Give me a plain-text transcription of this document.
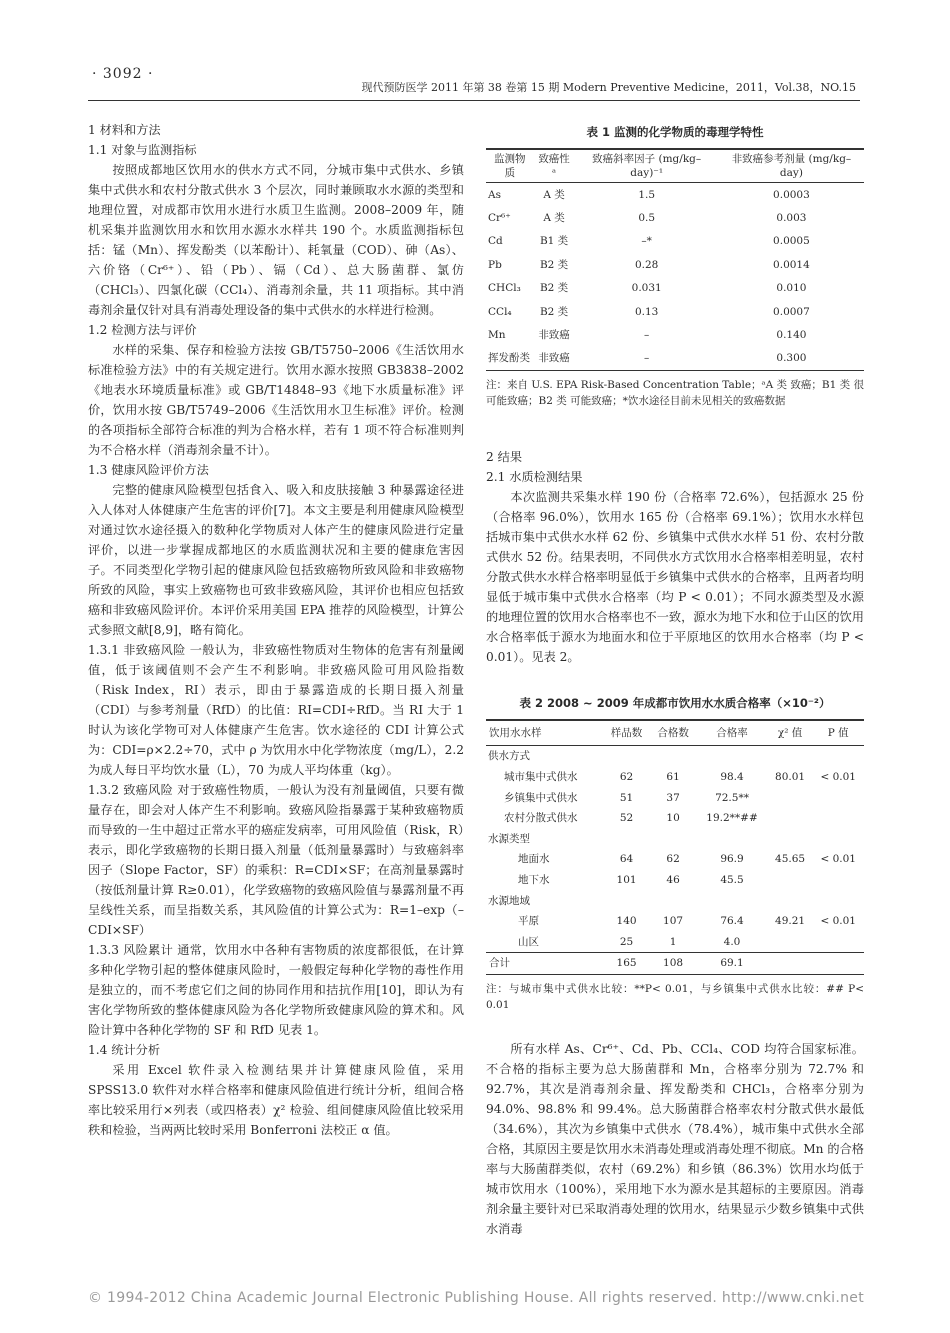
· 3092 ·
现代预防医学 2011 年第 38 卷第 15 期 Modern Preventive Medicine，2011，Vol.38，NO.15

1 材料和方法

1.1 对象与监测指标

按照成都地区饮用水的供水方式不同，分城市集中式供水、乡镇集中式供水和农村分散式供水 3 个层次，同时兼顾取水水源的类型和地理位置，对成都市饮用水进行水质卫生监测。2008–2009 年，随机采集并监测饮用水和饮用水源水水样共 190 个。水质监测指标包括：锰（Mn）、挥发酚类（以苯酚计）、耗氧量（COD）、砷（As）、六价铬（Cr⁶⁺）、铅（Pb）、镉（Cd）、总大肠菌群、氯仿（CHCl₃）、四氯化碳（CCl₄）、消毒剂余量，共 11 项指标。其中消毒剂余量仅针对具有消毒处理设备的集中式供水的水样进行检测。

1.2 检测方法与评价

水样的采集、保存和检验方法按 GB/T5750–2006《生活饮用水标准检验方法》中的有关规定进行。饮用水源水按照 GB3838–2002《地表水环境质量标准》或 GB/T14848–93《地下水质量标准》评价，饮用水按 GB/T5749–2006《生活饮用水卫生标准》评价。检测的各项指标全部符合标准的判为合格水样，若有 1 项不符合标准则判为不合格水样（消毒剂余量不计）。

1.3 健康风险评价方法

完整的健康风险模型包括食入、吸入和皮肤接触 3 种暴露途径进入人体对人体健康产生危害的评价[7]。本文主要是利用健康风险模型对通过饮水途径摄入的数种化学物质对人体产生的健康风险进行定量评价，以进一步掌握成都地区的水质监测状况和主要的健康危害因子。不同类型化学物引起的健康风险包括致癌物所致风险和非致癌物所致的风险，事实上致癌物也可致非致癌风险，其评价也相应包括致癌和非致癌风险评价。本评价采用美国 EPA 推荐的风险模型，计算公式参照文献[8,9]，略有简化。

1.3.1 非致癌风险 一般认为，非致癌性物质对生物体的危害有剂量阈值，低于该阈值则不会产生不利影响。非致癌风险可用风险指数（Risk Index，RI）表示，即由于暴露造成的长期日摄入剂量（CDI）与参考剂量（RfD）的比值：RI=CDI÷RfD。当 RI 大于 1 时认为该化学物可对人体健康产生危害。饮水途径的 CDI 计算公式为：CDI=ρ×2.2÷70，式中 ρ 为饮用水中化学物浓度（mg/L），2.2 为成人每日平均饮水量（L），70 为成人平均体重（kg）。

1.3.2 致癌风险 对于致癌性物质，一般认为没有剂量阈值，只要有微量存在，即会对人体产生不利影响。致癌风险指暴露于某种致癌物质而导致的一生中超过正常水平的癌症发病率，可用风险值（Risk，R）表示，即化学致癌物的长期日摄入剂量（低剂量暴露时）与致癌斜率因子（Slope Factor，SF）的乘积：R=CDI×SF；在高剂量暴露时（按低剂量计算 R≥0.01），化学致癌物的致癌风险值与暴露剂量不再呈线性关系，而呈指数关系，其风险值的计算公式为：R=1–exp（–CDI×SF）

1.3.3 风险累计 通常，饮用水中各种有害物质的浓度都很低，在计算多种化学物引起的整体健康风险时，一般假定每种化学物的毒性作用是独立的，而不考虑它们之间的协同作用和拮抗作用[10]，即认为有害化学物所致的整体健康风险为各化学物所致健康风险的算术和。风险计算中各种化学物的 SF 和 RfD 见表 1。

1.4 统计分析

采用 Excel 软件录入检测结果并计算健康风险值，采用 SPSS13.0 软件对水样合格率和健康风险值进行统计分析，组间合格率比较采用行×列表（或四格表）χ² 检验、组间健康风险值比较采用秩和检验，当两两比较时采用 Bonferroni 法校正 α 值。

表 1 监测的化学物质的毒理学特性
监测物质	致癌性ᵃ	致癌斜率因子 (mg/kg–day)⁻¹	非致癌参考剂量 (mg/kg–day)
As	A 类	1.5	0.0003
Cr⁶⁺	A 类	0.5	0.003
Cd	B1 类	–*	0.0005
Pb	B2 类	0.28	0.0014
CHCl₃	B2 类	0.031	0.010
CCl₄	B2 类	0.13	0.0007
Mn	非致癌	–	0.140
挥发酚类	非致癌	–	0.300
注：来自 U.S. EPA Risk-Based Concentration Table；ᵃA 类 致癌；B1 类 很可能致癌；B2 类 可能致癌；*饮水途径目前未见相关的致癌数据

2 结果

2.1 水质检测结果

本次监测共采集水样 190 份（合格率 72.6%），包括源水 25 份（合格率 96.0%），饮用水 165 份（合格率 69.1%）；饮用水水样包括城市集中式供水水样 62 份、乡镇集中式供水水样 51 份、农村分散式供水 52 份。结果表明，不同供水方式饮用水合格率相差明显，农村分散式供水水样合格率明显低于乡镇集中式供水的合格率，且两者均明显低于城市集中式供水合格率（均 P < 0.01）；不同水源类型及水源的地理位置的饮用水合格率也不一致，源水为地下水和位于山区的饮用水合格率低于源水为地面水和位于平原地区的饮用水合格率（均 P < 0.01）。见表 2。

表 2 2008 ~ 2009 年成都市饮用水水质合格率（×10⁻²）
饮用水水样	样品数	合格数	合格率	χ² 值	P 值
供水方式					
城市集中式供水	62	61	98.4	80.01	< 0.01
乡镇集中式供水	51	37	72.5**		
农村分散式供水	52	10	19.2**##		
水源类型					
地面水	64	62	96.9	45.65	< 0.01
地下水	101	46	45.5		
水源地域					
平原	140	107	76.4	49.21	< 0.01
山区	25	1	4.0		
合计	165	108	69.1		
注：与城市集中式供水比较：**P< 0.01，与乡镇集中式供水比较：## P< 0.01

所有水样 As、Cr⁶⁺、Cd、Pb、CCl₄、COD 均符合国家标准。不合格的指标主要为总大肠菌群和 Mn，合格率分别为 72.7% 和 92.7%，其次是消毒剂余量、挥发酚类和 CHCl₃，合格率分别为 94.0%、98.8% 和 99.4%。总大肠菌群合格率农村分散式供水最低（34.6%），其次为乡镇集中式供水（78.4%），城市集中式供水全部合格，其原因主要是饮用水未消毒处理或消毒处理不彻底。Mn 的合格率与大肠菌群类似，农村（69.2%）和乡镇（86.3%）饮用水均低于城市饮用水（100%），采用地下水为源水是其超标的主要原因。消毒剂余量主要针对已采取消毒处理的饮用水，结果显示少数乡镇集中式供水消毒

© 1994-2012 China Academic Journal Electronic Publishing House. All rights reserved. http://www.cnki.net
